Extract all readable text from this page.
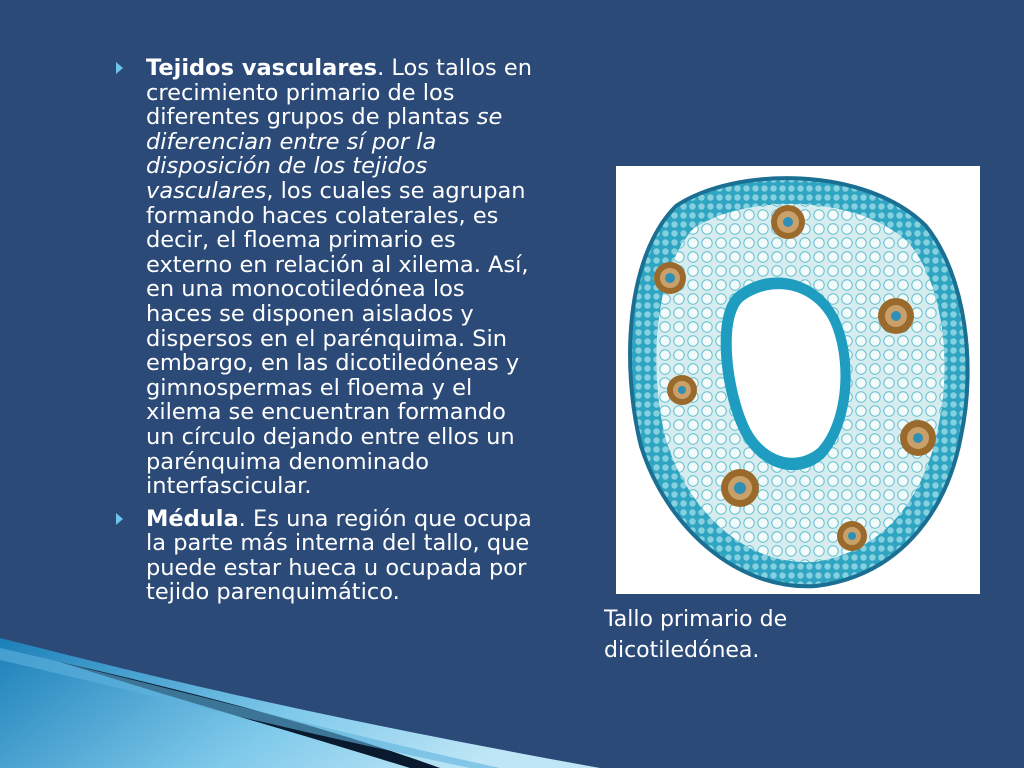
Tejidos vasculares. Los tallos en crecimiento primario de los diferentes grupos de plantas se diferencian entre sí por la disposición de los tejidos vasculares, los cuales se agrupan formando haces colaterales, es decir, el floema primario es externo en relación al xilema. Así, en una monocotiledónea los haces se disponen aislados y dispersos en el parénquima. Sin embargo, en las dicotiledóneas y gimnospermas el floema y el xilema se encuentran formando un círculo dejando entre ellos un parénquima denominado interfascicular.
Médula. Es una región que ocupa la parte más interna del tallo, que puede estar hueca u ocupada por tejido parenquimático.
Tallo primario de dicotiledónea.
